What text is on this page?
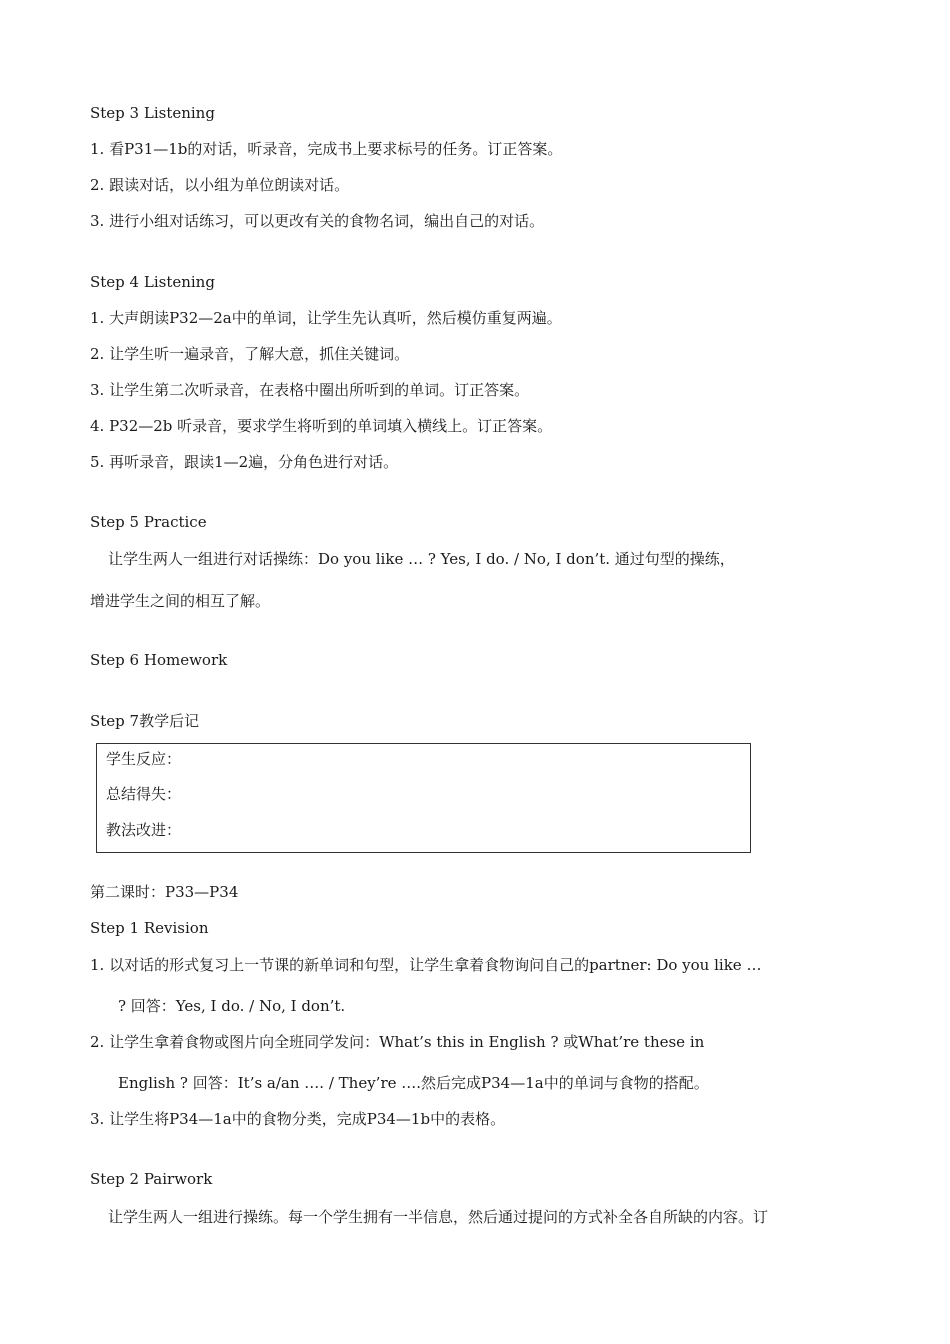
Step 3 Listening
1. 看P31—1b的对话，听录音，完成书上要求标号的任务。订正答案。
2. 跟读对话，以小组为单位朗读对话。
3. 进行小组对话练习，可以更改有关的食物名词，编出自己的对话。
Step 4 Listening
1. 大声朗读P32—2a中的单词，让学生先认真听，然后模仿重复两遍。
2. 让学生听一遍录音，了解大意，抓住关键词。
3. 让学生第二次听录音，在表格中圈出所听到的单词。订正答案。
4. P32—2b 听录音，要求学生将听到的单词填入横线上。订正答案。
5. 再听录音，跟读1—2遍，分角色进行对话。
Step 5 Practice
让学生两人一组进行对话操练：Do you like … ? Yes, I do. / No, I don’t. 通过句型的操练，
增进学生之间的相互了解。
Step 6 Homework
Step 7教学后记
学生反应：
总结得失：
教法改进：
第二课时：P33—P34
Step 1 Revision
1. 以对话的形式复习上一节课的新单词和句型，让学生拿着食物询问自己的partner: Do you like …
? 回答：Yes, I do. / No, I don’t.
2. 让学生拿着食物或图片向全班同学发问：What’s this in English ? 或What’re these in
English ? 回答：It’s a/an …. / They’re ….然后完成P34—1a中的单词与食物的搭配。
3. 让学生将P34—1a中的食物分类，完成P34—1b中的表格。
Step 2 Pairwork
让学生两人一组进行操练。每一个学生拥有一半信息，然后通过提问的方式补全各自所缺的内容。订
